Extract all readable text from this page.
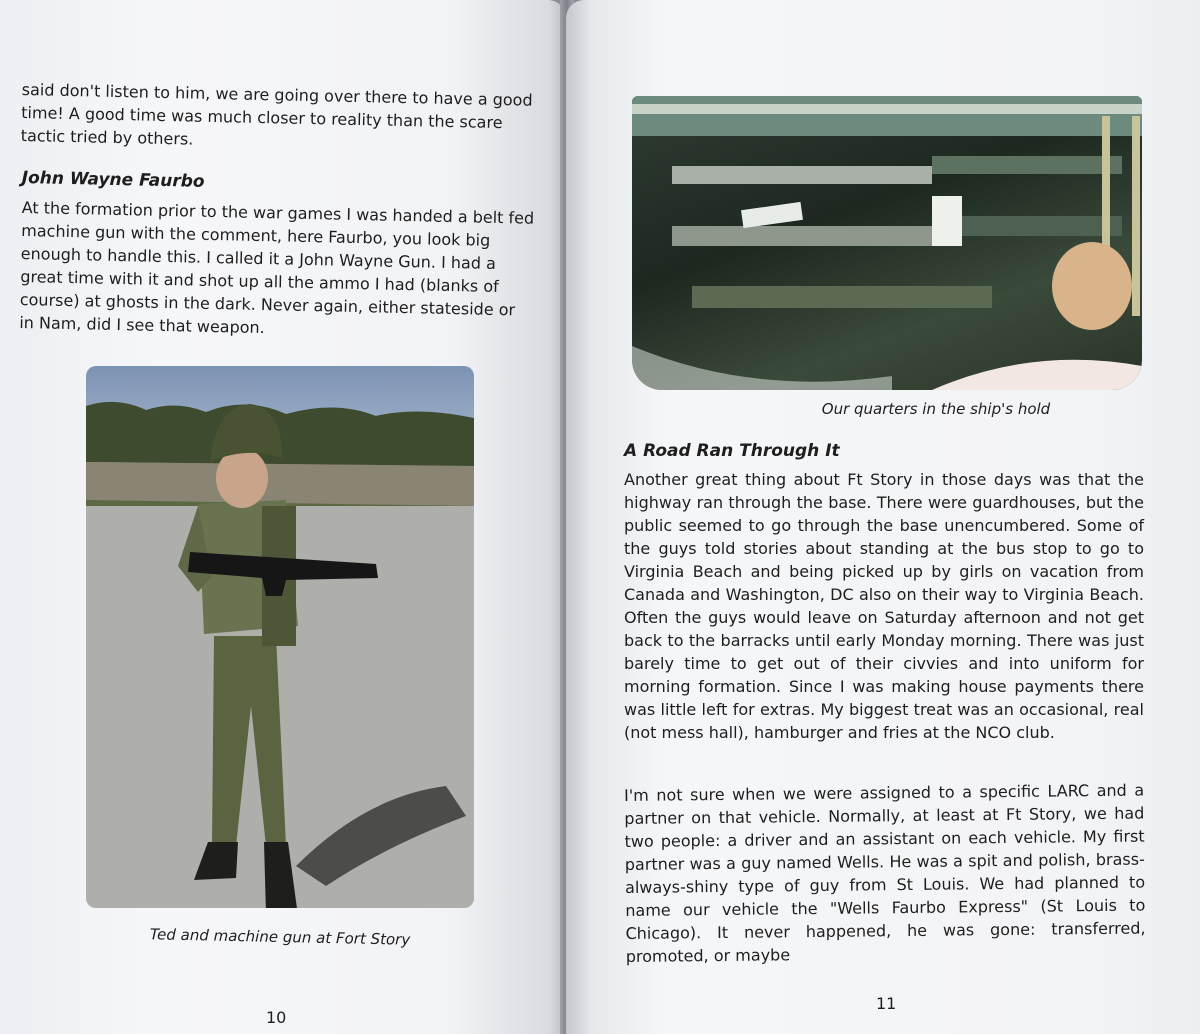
said don't listen to him, we are going over there to have a good time! A good time was much closer to reality than the scare tactic tried by others.

John Wayne Faurbo

At the formation prior to the war games I was handed a belt fed machine gun with the comment, here Faurbo, you look big enough to handle this. I called it a John Wayne Gun. I had a great time with it and shot up all the ammo I had (blanks of course) at ghosts in the dark. Never again, either stateside or in Nam, did I see that weapon.

Ted and machine gun at Fort Story

10

Our quarters in the ship's hold

A Road Ran Through It

Another great thing about Ft Story in those days was that the highway ran through the base. There were guardhouses, but the public seemed to go through the base unencumbered. Some of the guys told stories about standing at the bus stop to go to Virginia Beach and being picked up by girls on vacation from Canada and Washington, DC also on their way to Virginia Beach. Often the guys would leave on Saturday afternoon and not get back to the barracks until early Monday morning. There was just barely time to get out of their civvies and into uniform for morning formation. Since I was making house payments there was little left for extras. My biggest treat was an occasional, real (not mess hall), hamburger and fries at the NCO club.

I'm not sure when we were assigned to a specific LARC and a partner on that vehicle. Normally, at least at Ft Story, we had two people: a driver and an assistant on each vehicle. My first partner was a guy named Wells. He was a spit and polish, brass-always-shiny type of guy from St Louis. We had planned to name our vehicle the "Wells Faurbo Express" (St Louis to Chicago). It never happened, he was gone: transferred, promoted, or maybe

11
